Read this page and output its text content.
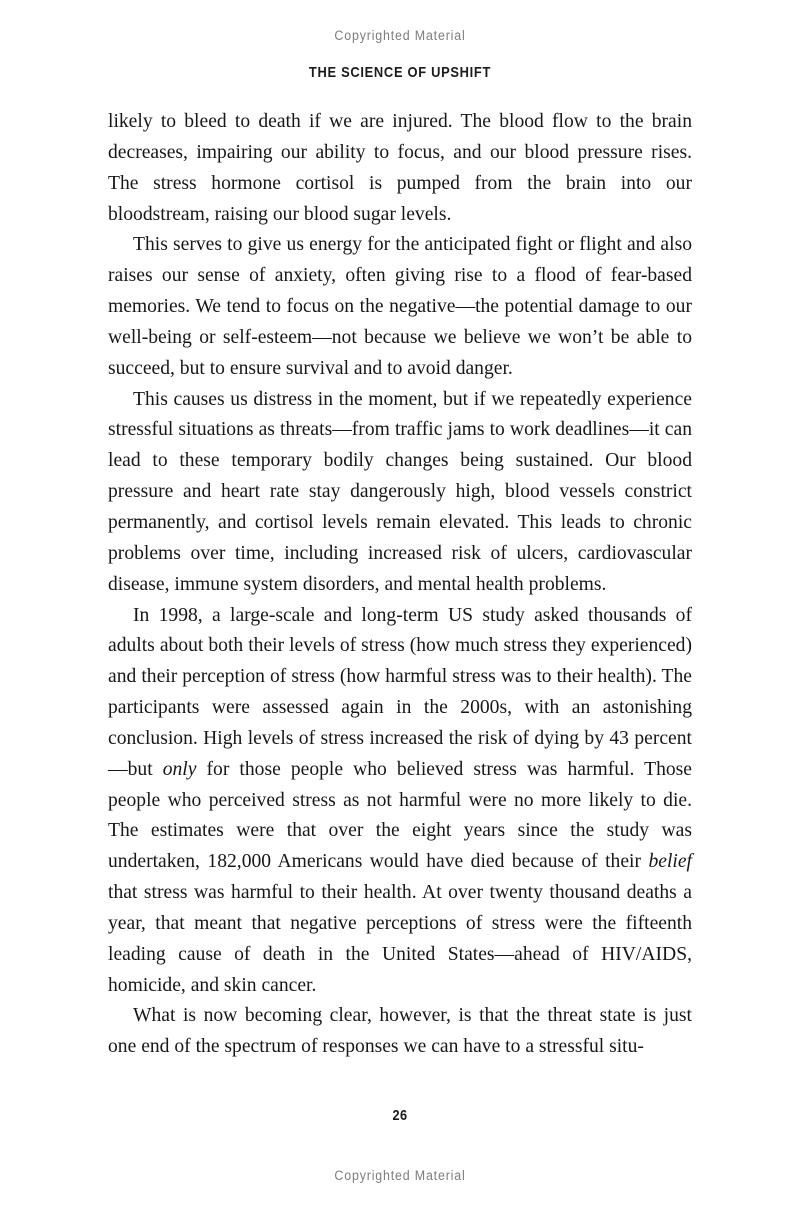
Copyrighted Material
THE SCIENCE OF UPSHIFT

likely to bleed to death if we are injured. The blood flow to the brain decreases, impairing our ability to focus, and our blood pressure rises. The stress hormone cortisol is pumped from the brain into our bloodstream, raising our blood sugar levels.

This serves to give us energy for the anticipated fight or flight and also raises our sense of anxiety, often giving rise to a flood of fear-based memories. We tend to focus on the negative—the potential damage to our well-being or self-esteem—not because we believe we won’t be able to succeed, but to ensure survival and to avoid danger.

This causes us distress in the moment, but if we repeatedly experience stressful situations as threats—from traffic jams to work deadlines—it can lead to these temporary bodily changes being sustained. Our blood pressure and heart rate stay dangerously high, blood vessels constrict permanently, and cortisol levels remain elevated. This leads to chronic problems over time, including increased risk of ulcers, cardiovascular disease, immune system disorders, and mental health problems.

In 1998, a large-scale and long-term US study asked thousands of adults about both their levels of stress (how much stress they experienced) and their perception of stress (how harmful stress was to their health). The participants were assessed again in the 2000s, with an astonishing conclusion. High levels of stress increased the risk of dying by 43 percent—but only for those people who believed stress was harmful. Those people who perceived stress as not harmful were no more likely to die. The estimates were that over the eight years since the study was undertaken, 182,000 Americans would have died because of their belief that stress was harmful to their health. At over twenty thousand deaths a year, that meant that negative perceptions of stress were the fifteenth leading cause of death in the United States—ahead of HIV/AIDS, homicide, and skin cancer.

What is now becoming clear, however, is that the threat state is just one end of the spectrum of responses we can have to a stressful situ-

26
Copyrighted Material
